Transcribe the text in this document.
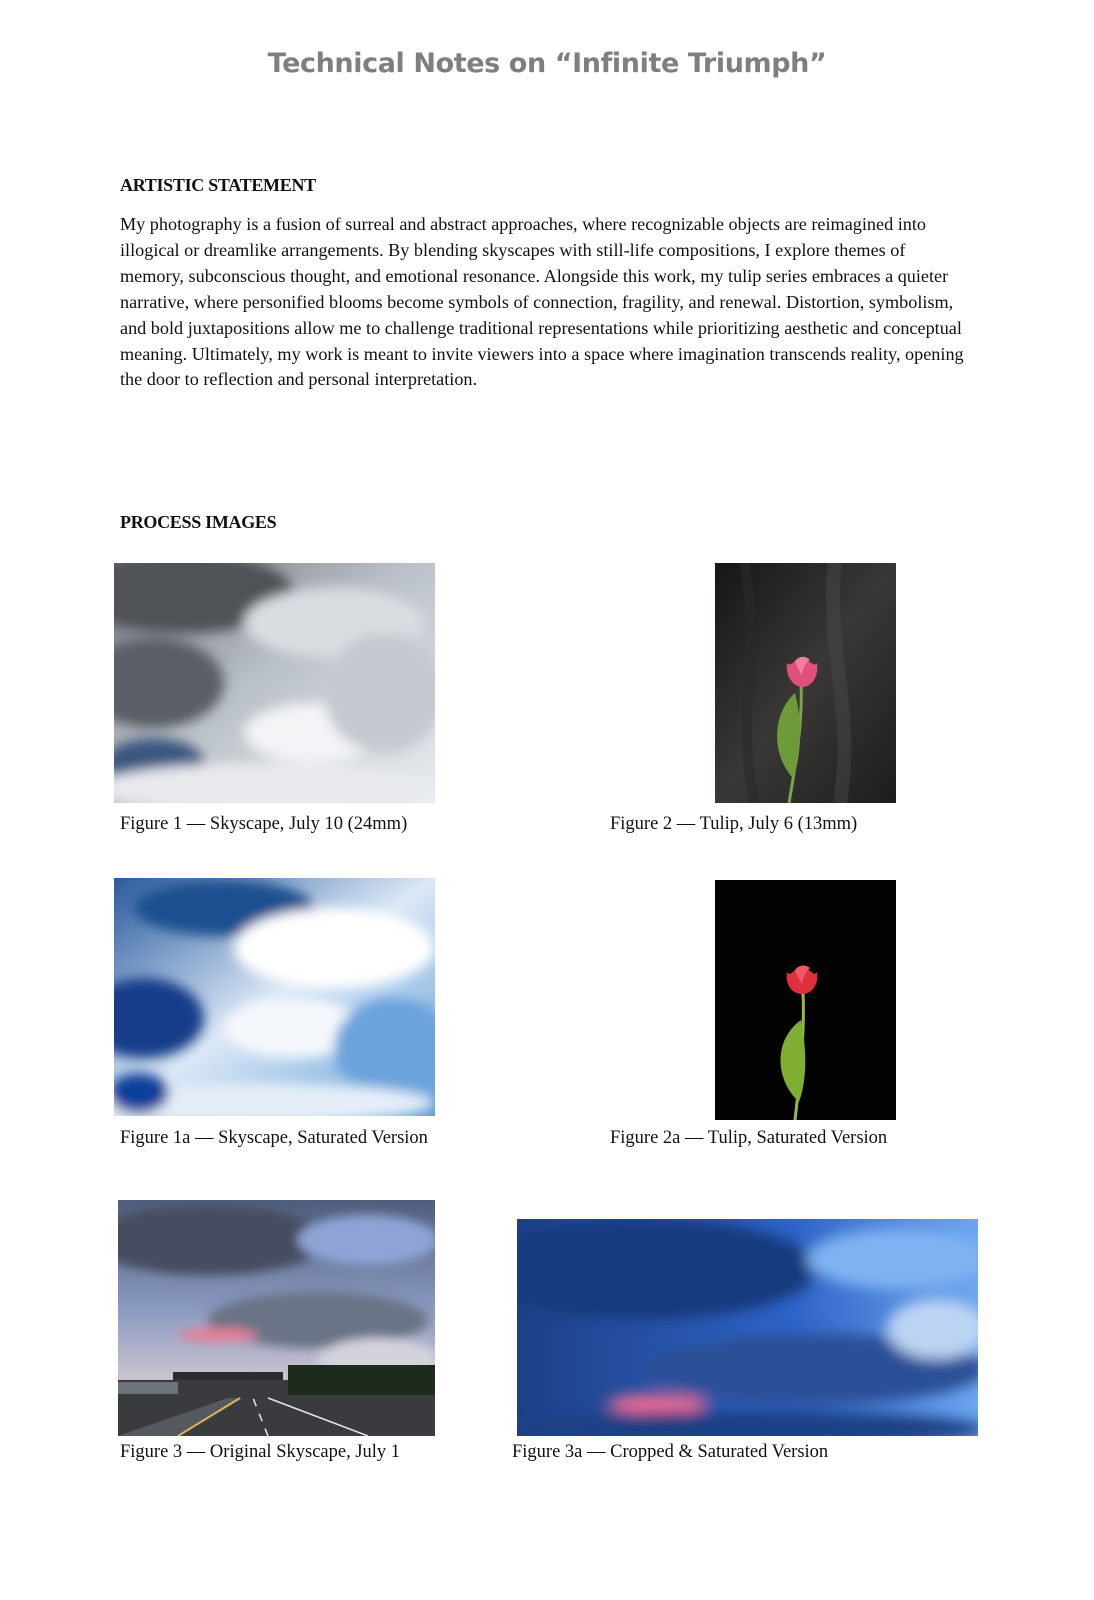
Technical Notes on “Infinite Triumph”
ARTISTIC STATEMENT

My photography is a fusion of surreal and abstract approaches, where recognizable objects are reimagined into illogical or dreamlike arrangements. By blending skyscapes with still-life compositions, I explore themes of memory, subconscious thought, and emotional resonance. Alongside this work, my tulip series embraces a quieter narrative, where personified blooms become symbols of connection, fragility, and renewal. Distortion, symbolism, and bold juxtapositions allow me to challenge traditional representations while prioritizing aesthetic and conceptual meaning. Ultimately, my work is meant to invite viewers into a space where imagination transcends reality, opening the door to reflection and personal interpretation.

PROCESS IMAGES

Figure 1 — Skyscape, July 10 (24mm)	Figure 2 — Tulip, July 6 (13mm)

Figure 1a — Skyscape, Saturated Version	Figure 2a — Tulip, Saturated Version

Figure 3 — Original Skyscape, July 1	Figure 3a — Cropped & Saturated Version
